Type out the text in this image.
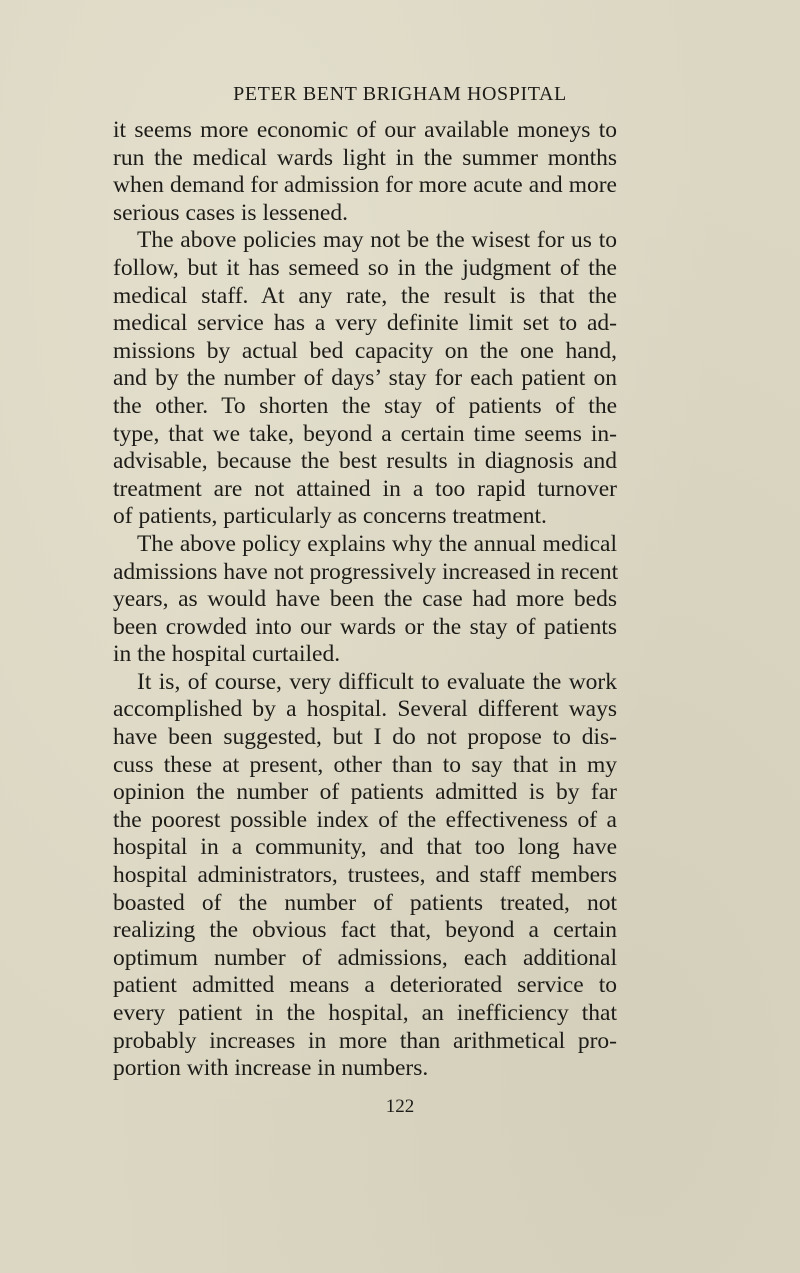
PETER BENT BRIGHAM HOSPITAL
it seems more economic of our available moneys to
run the medical wards light in the summer months
when demand for admission for more acute and more
serious cases is lessened.
The above policies may not be the wisest for us to
follow, but it has semeed so in the judgment of the
medical staff. At any rate, the result is that the
medical service has a very definite limit set to ad-
missions by actual bed capacity on the one hand,
and by the number of days’ stay for each patient on
the other. To shorten the stay of patients of the
type, that we take, beyond a certain time seems in-
advisable, because the best results in diagnosis and
treatment are not attained in a too rapid turnover
of patients, particularly as concerns treatment.
The above policy explains why the annual medical
admissions have not progressively increased in recent
years, as would have been the case had more beds
been crowded into our wards or the stay of patients
in the hospital curtailed.
It is, of course, very difficult to evaluate the work
accomplished by a hospital. Several different ways
have been suggested, but I do not propose to dis-
cuss these at present, other than to say that in my
opinion the number of patients admitted is by far
the poorest possible index of the effectiveness of a
hospital in a community, and that too long have
hospital administrators, trustees, and staff members
boasted of the number of patients treated, not
realizing the obvious fact that, beyond a certain
optimum number of admissions, each additional
patient admitted means a deteriorated service to
every patient in the hospital, an inefficiency that
probably increases in more than arithmetical pro-
portion with increase in numbers.
122
